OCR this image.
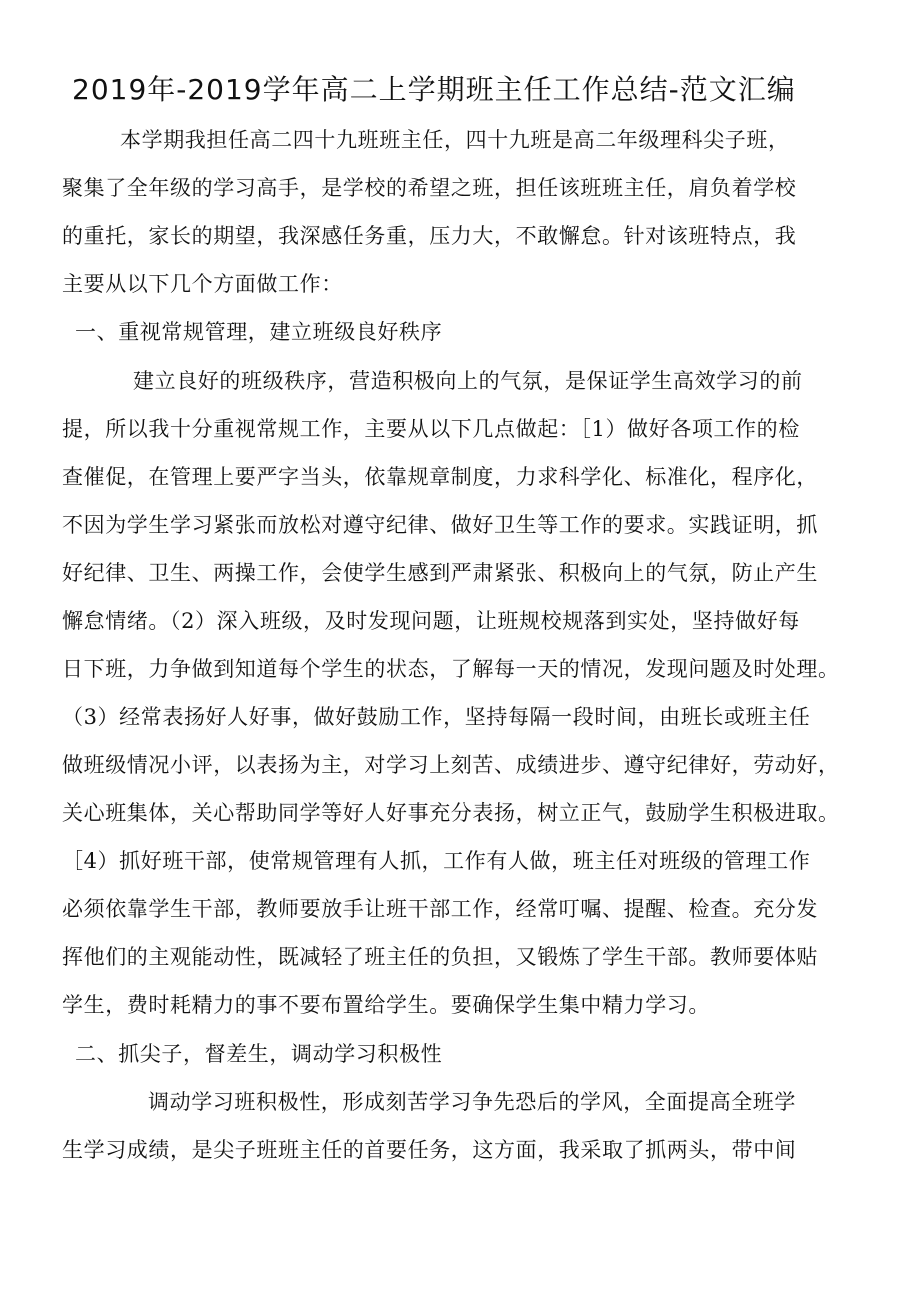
2019年-2019学年高二上学期班主任工作总结-范文汇编
本学期我担任高二四十九班班主任，四十九班是高二年级理科尖子班，
聚集了全年级的学习高手，是学校的希望之班，担任该班班主任，肩负着学校
的重托，家长的期望，我深感任务重，压力大，不敢懈怠。针对该班特点，我
主要从以下几个方面做工作：
一、重视常规管理，建立班级良好秩序
建立良好的班级秩序，营造积极向上的气氛，是保证学生高效学习的前
提，所以我十分重视常规工作，主要从以下几点做起：［1）做好各项工作的检
查催促，在管理上要严字当头，依靠规章制度，力求科学化、标准化，程序化，
不因为学生学习紧张而放松对遵守纪律、做好卫生等工作的要求。实践证明，抓
好纪律、卫生、两操工作，会使学生感到严肃紧张、积极向上的气氛，防止产生
懈怠情绪。（2）深入班级，及时发现问题，让班规校规落到实处，坚持做好每
日下班，力争做到知道每个学生的状态，了解每一天的情况，发现问题及时处理。
（3）经常表扬好人好事，做好鼓励工作，坚持每隔一段时间，由班长或班主任
做班级情况小评，以表扬为主，对学习上刻苦、成绩进步、遵守纪律好，劳动好，
关心班集体，关心帮助同学等好人好事充分表扬，树立正气，鼓励学生积极进取。
［4）抓好班干部，使常规管理有人抓，工作有人做，班主任对班级的管理工作
必须依靠学生干部，教师要放手让班干部工作，经常叮嘱、提醒、检查。充分发
挥他们的主观能动性，既减轻了班主任的负担，又锻炼了学生干部。教师要体贴
学生，费时耗精力的事不要布置给学生。要确保学生集中精力学习。
二、抓尖子，督差生，调动学习积极性
调动学习班积极性，形成刻苦学习争先恐后的学风，全面提高全班学
生学习成绩，是尖子班班主任的首要任务，这方面，我采取了抓两头，带中间
